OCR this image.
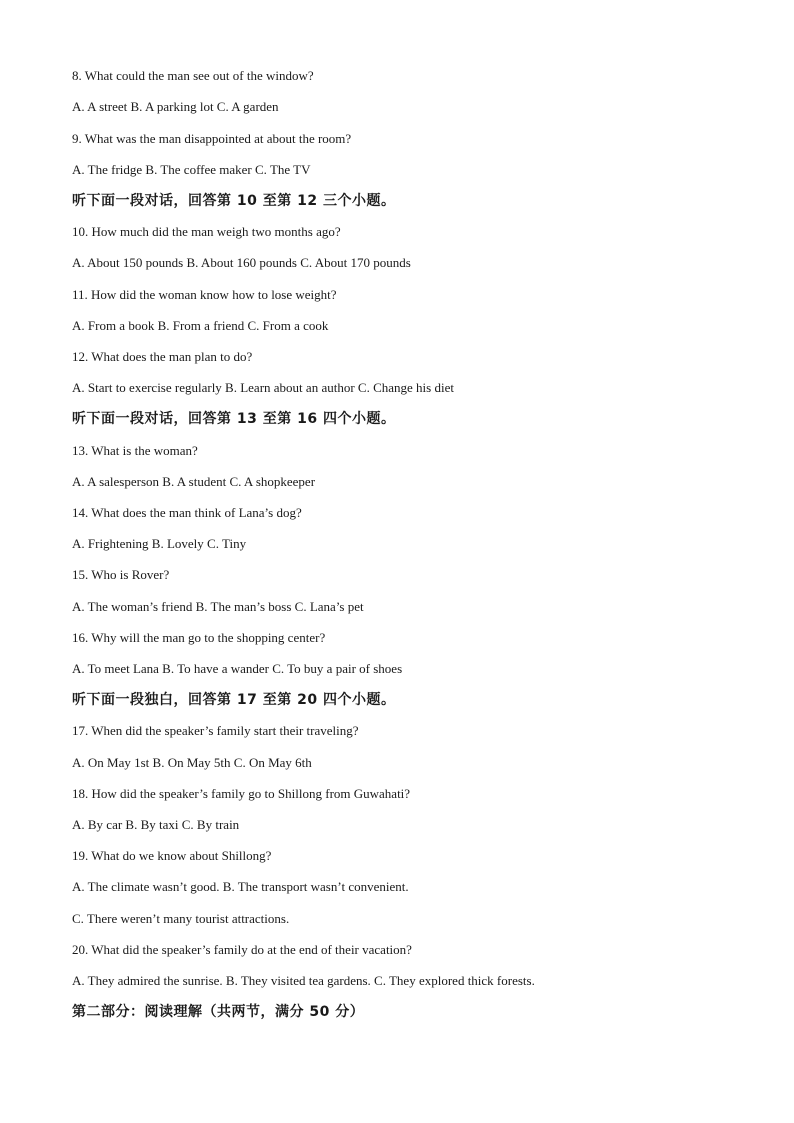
8. What could the man see out of the window?
A. A street B. A parking lot C. A garden
9. What was the man disappointed at about the room?
A. The fridge B. The coffee maker C. The TV
听下面一段对话，回答第 10 至第 12 三个小题。
10. How much did the man weigh two months ago?
A. About 150 pounds B. About 160 pounds C. About 170 pounds
11. How did the woman know how to lose weight?
A. From a book B. From a friend C. From a cook
12. What does the man plan to do?
A. Start to exercise regularly B. Learn about an author C. Change his diet
听下面一段对话，回答第 13 至第 16 四个小题。
13. What is the woman?
A. A salesperson B. A student C. A shopkeeper
14. What does the man think of Lana’s dog?
A. Frightening B. Lovely C. Tiny
15. Who is Rover?
A. The woman’s friend B. The man’s boss C. Lana’s pet
16. Why will the man go to the shopping center?
A. To meet Lana B. To have a wander C. To buy a pair of shoes
听下面一段独白，回答第 17 至第 20 四个小题。
17. When did the speaker’s family start their traveling?
A. On May 1st B. On May 5th C. On May 6th
18. How did the speaker’s family go to Shillong from Guwahati?
A. By car B. By taxi C. By train
19. What do we know about Shillong?
A. The climate wasn’t good. B. The transport wasn’t convenient.
C. There weren’t many tourist attractions.
20. What did the speaker’s family do at the end of their vacation?
A. They admired the sunrise. B. They visited tea gardens. C. They explored thick forests.
第二部分：阅读理解（共两节，满分 50 分）
